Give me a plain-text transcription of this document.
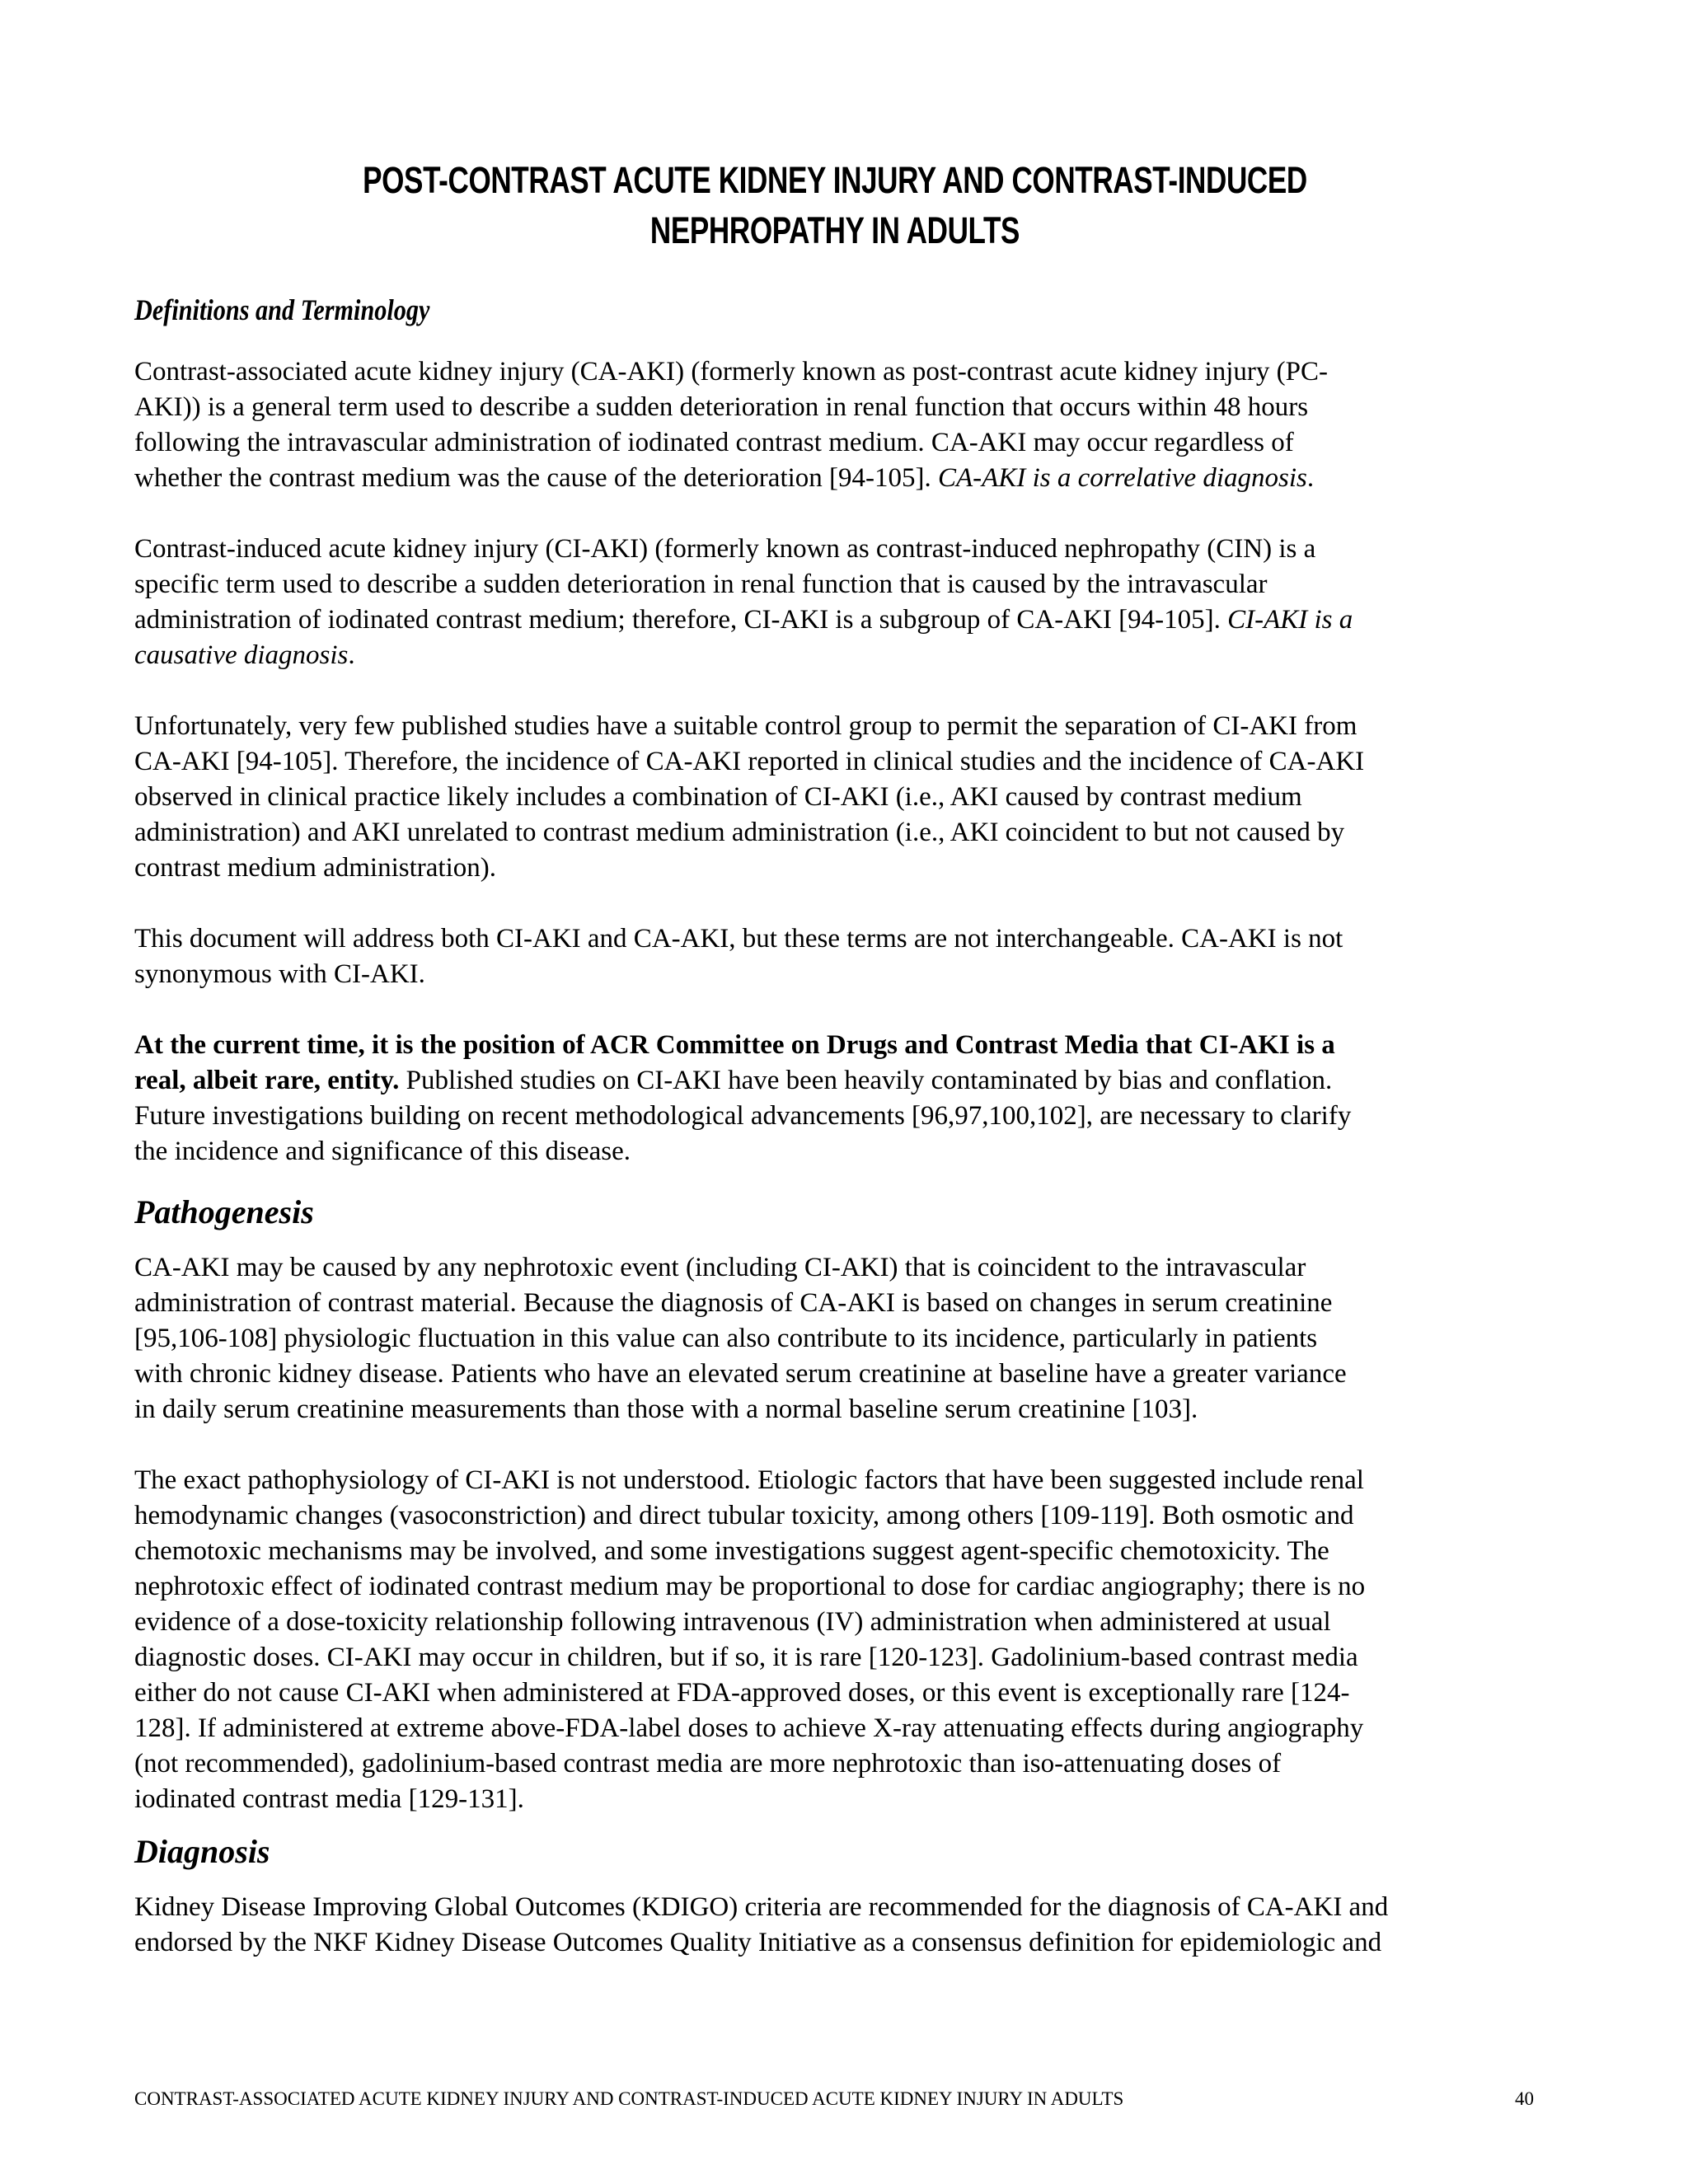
POST-CONTRAST ACUTE KIDNEY INJURY AND CONTRAST-INDUCED
NEPHROPATHY IN ADULTS
Definitions and Terminology

Contrast-associated acute kidney injury (CA-AKI) (formerly known as post-contrast acute kidney injury (PC-
AKI)) is a general term used to describe a sudden deterioration in renal function that occurs within 48 hours
following the intravascular administration of iodinated contrast medium. CA-AKI may occur regardless of
whether the contrast medium was the cause of the deterioration [94-105]. CA-AKI is a correlative diagnosis.

Contrast-induced acute kidney injury (CI-AKI) (formerly known as contrast-induced nephropathy (CIN) is a
specific term used to describe a sudden deterioration in renal function that is caused by the intravascular
administration of iodinated contrast medium; therefore, CI-AKI is a subgroup of CA-AKI [94-105]. CI-AKI is a
causative diagnosis.

Unfortunately, very few published studies have a suitable control group to permit the separation of CI-AKI from
CA-AKI [94-105]. Therefore, the incidence of CA-AKI reported in clinical studies and the incidence of CA-AKI
observed in clinical practice likely includes a combination of CI-AKI (i.e., AKI caused by contrast medium
administration) and AKI unrelated to contrast medium administration (i.e., AKI coincident to but not caused by
contrast medium administration).

This document will address both CI-AKI and CA-AKI, but these terms are not interchangeable. CA-AKI is not
synonymous with CI-AKI.

At the current time, it is the position of ACR Committee on Drugs and Contrast Media that CI-AKI is a
real, albeit rare, entity. Published studies on CI-AKI have been heavily contaminated by bias and conflation.
Future investigations building on recent methodological advancements [96,97,100,102], are necessary to clarify
the incidence and significance of this disease.

Pathogenesis

CA-AKI may be caused by any nephrotoxic event (including CI-AKI) that is coincident to the intravascular
administration of contrast material. Because the diagnosis of CA-AKI is based on changes in serum creatinine
[95,106-108] physiologic fluctuation in this value can also contribute to its incidence, particularly in patients
with chronic kidney disease. Patients who have an elevated serum creatinine at baseline have a greater variance
in daily serum creatinine measurements than those with a normal baseline serum creatinine [103].

The exact pathophysiology of CI-AKI is not understood. Etiologic factors that have been suggested include renal
hemodynamic changes (vasoconstriction) and direct tubular toxicity, among others [109-119]. Both osmotic and
chemotoxic mechanisms may be involved, and some investigations suggest agent-specific chemotoxicity. The
nephrotoxic effect of iodinated contrast medium may be proportional to dose for cardiac angiography; there is no
evidence of a dose-toxicity relationship following intravenous (IV) administration when administered at usual
diagnostic doses. CI-AKI may occur in children, but if so, it is rare [120-123]. Gadolinium-based contrast media
either do not cause CI-AKI when administered at FDA-approved doses, or this event is exceptionally rare [124-
128]. If administered at extreme above-FDA-label doses to achieve X-ray attenuating effects during angiography
(not recommended), gadolinium-based contrast media are more nephrotoxic than iso-attenuating doses of
iodinated contrast media [129-131].

Diagnosis

Kidney Disease Improving Global Outcomes (KDIGO) criteria are recommended for the diagnosis of CA-AKI and
endorsed by the NKF Kidney Disease Outcomes Quality Initiative as a consensus definition for epidemiologic and

CONTRAST-ASSOCIATED ACUTE KIDNEY INJURY AND CONTRAST-INDUCED ACUTE KIDNEY INJURY IN ADULTS	40
